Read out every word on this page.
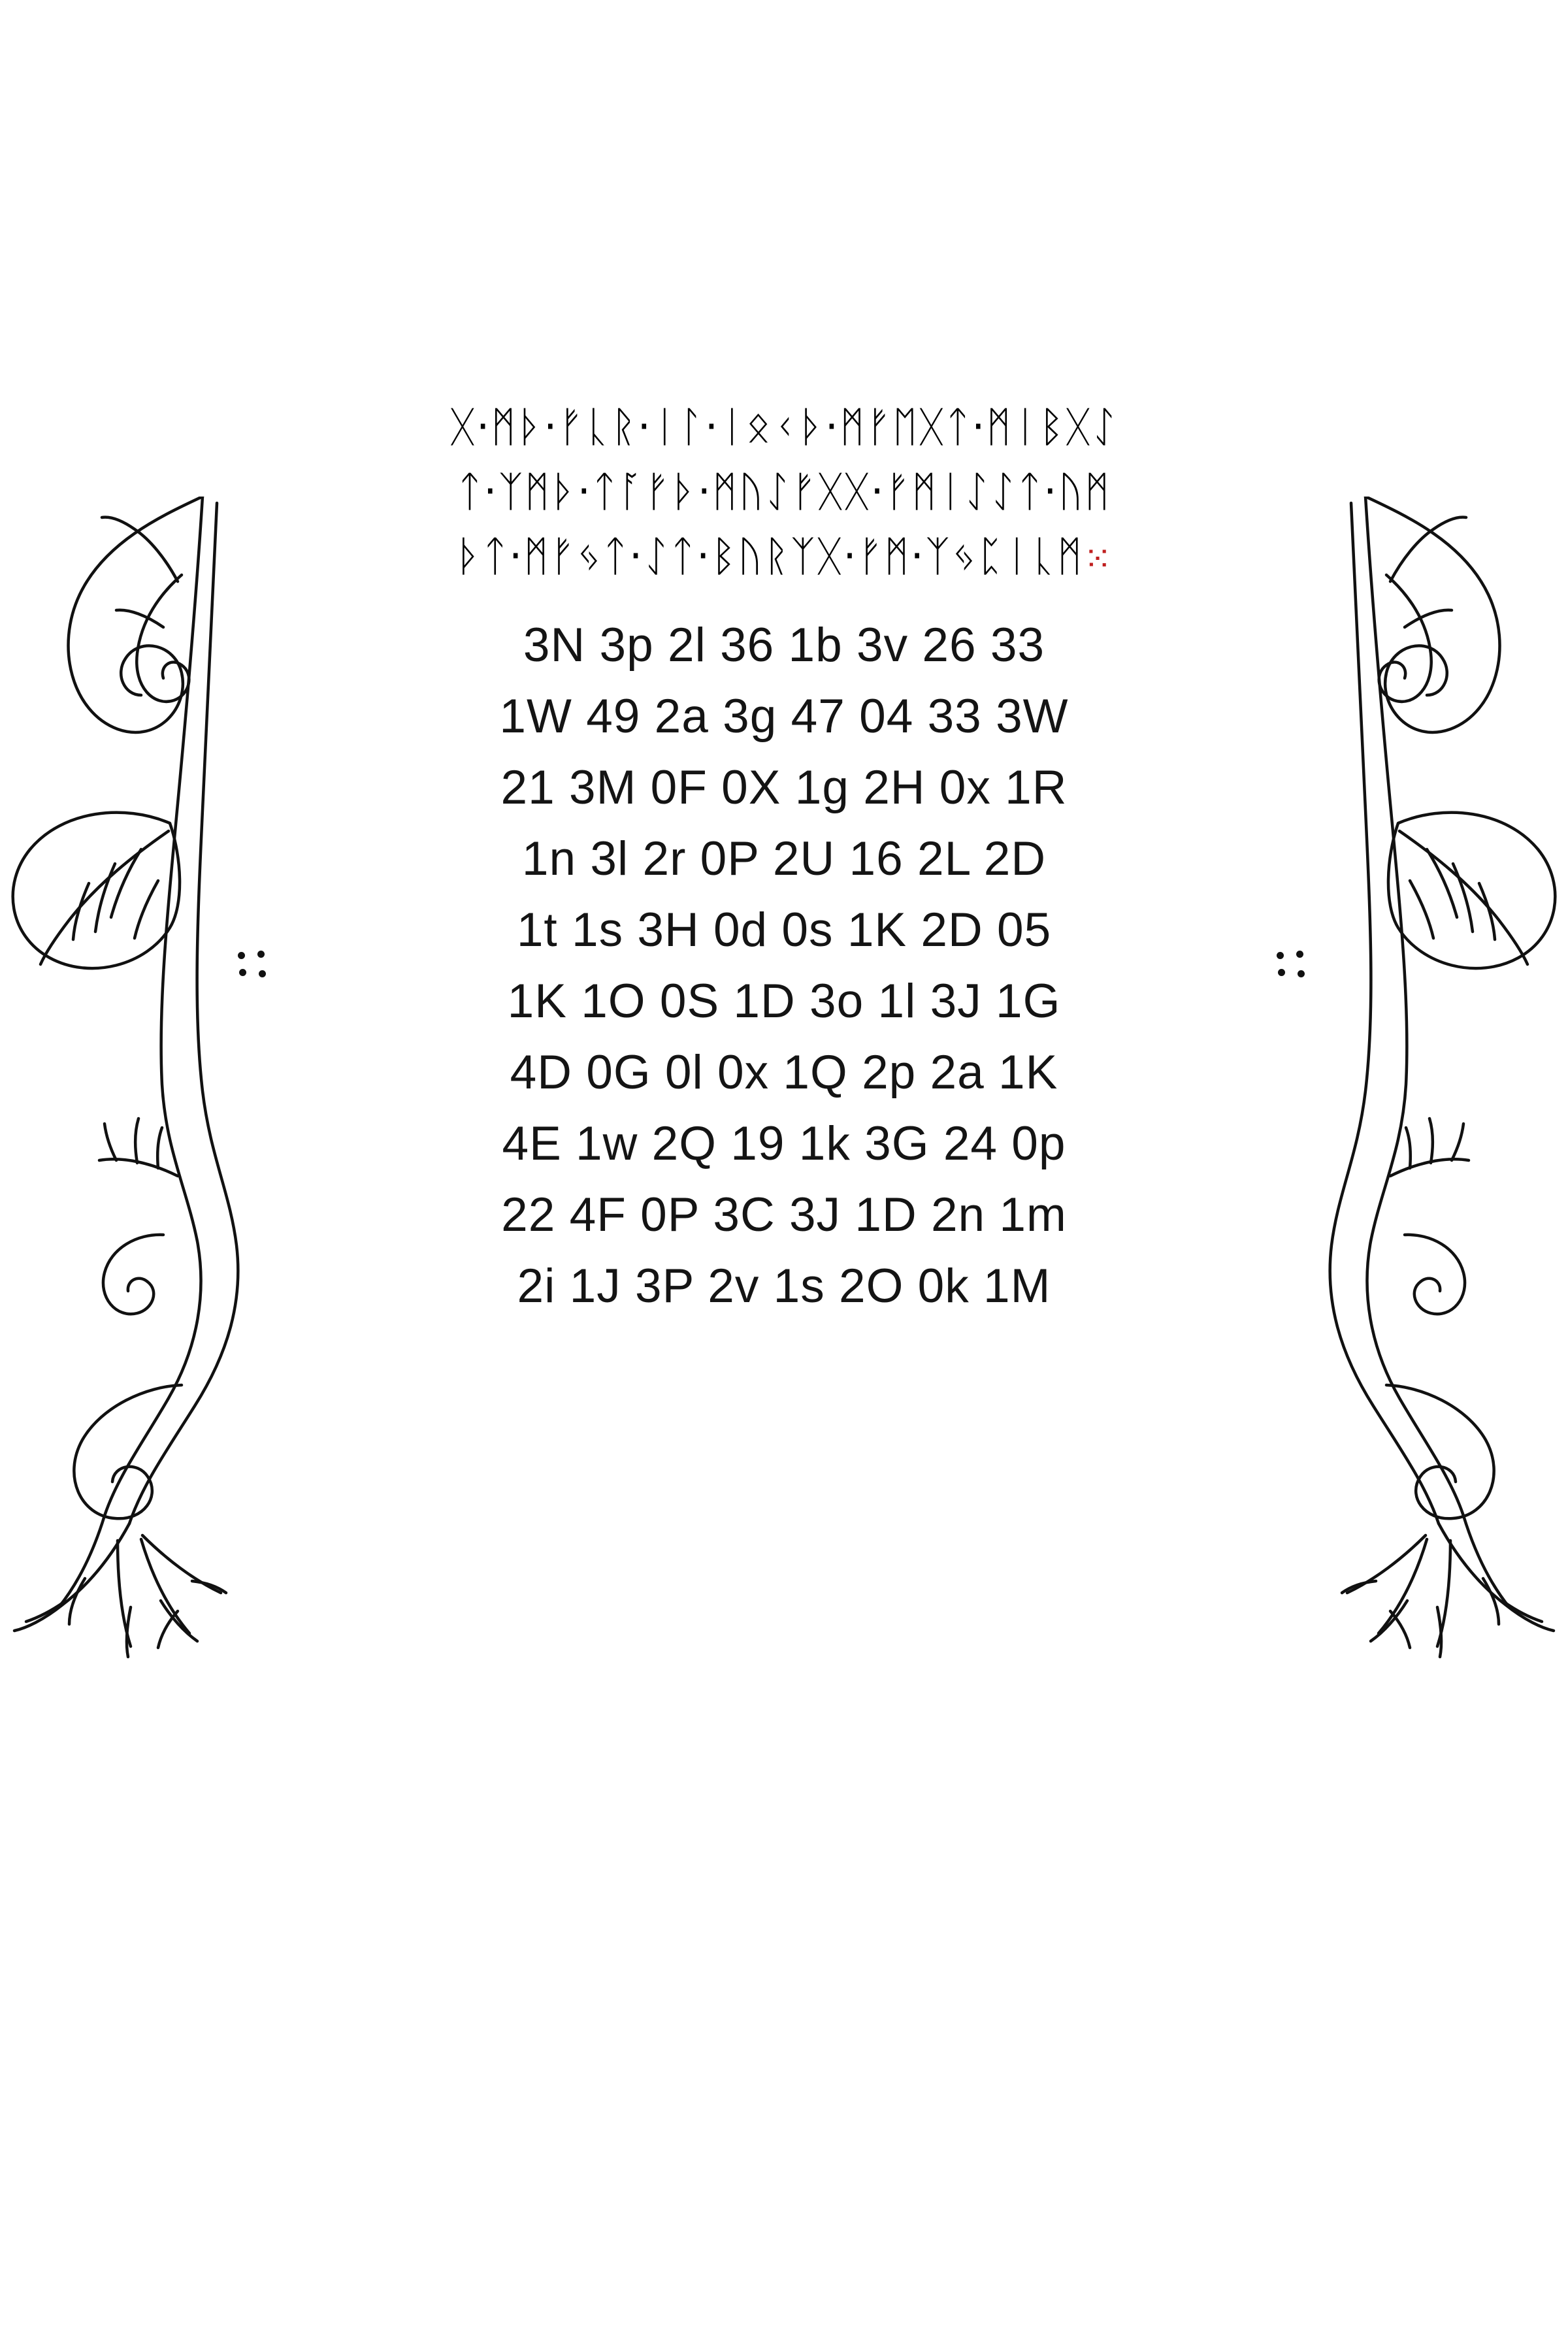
ᚷ·ᛗᚦ·ᚠᚳᚱ·ᛁᛚ·ᛁᛟᚲᚦ·ᛗᚠᛖᚷᛏ·ᛗᛁᛒᚷᛇ
ᛏ·ᛉᛗᚦ·ᛏᚪᚠᚦ·ᛗᚢᛇᚠᚷᚷ·ᚠᛗᛁᛇᛇᛏ·ᚢᛗ
ᚦᛏ·ᛗᚠᛃᛏ·ᛇᛏ·ᛒᚢᚱᛉᚷ·ᚠᛗ·ᛉᛃᛈᛁᚳᛗ⁙
3N 3p 2l 36 1b 3v 26 33
1W 49 2a 3g 47 04 33 3W
21 3M 0F 0X 1g 2H 0x 1R
1n 3l 2r 0P 2U 16 2L 2D
1t 1s 3H 0d 0s 1K 2D 05
1K 1O 0S 1D 3o 1l 3J 1G
4D 0G 0l 0x 1Q 2p 2a 1K
4E 1w 2Q 19 1k 3G 24 0p
22 4F 0P 3C 3J 1D 2n 1m
2i 1J 3P 2v 1s 2O 0k 1M
